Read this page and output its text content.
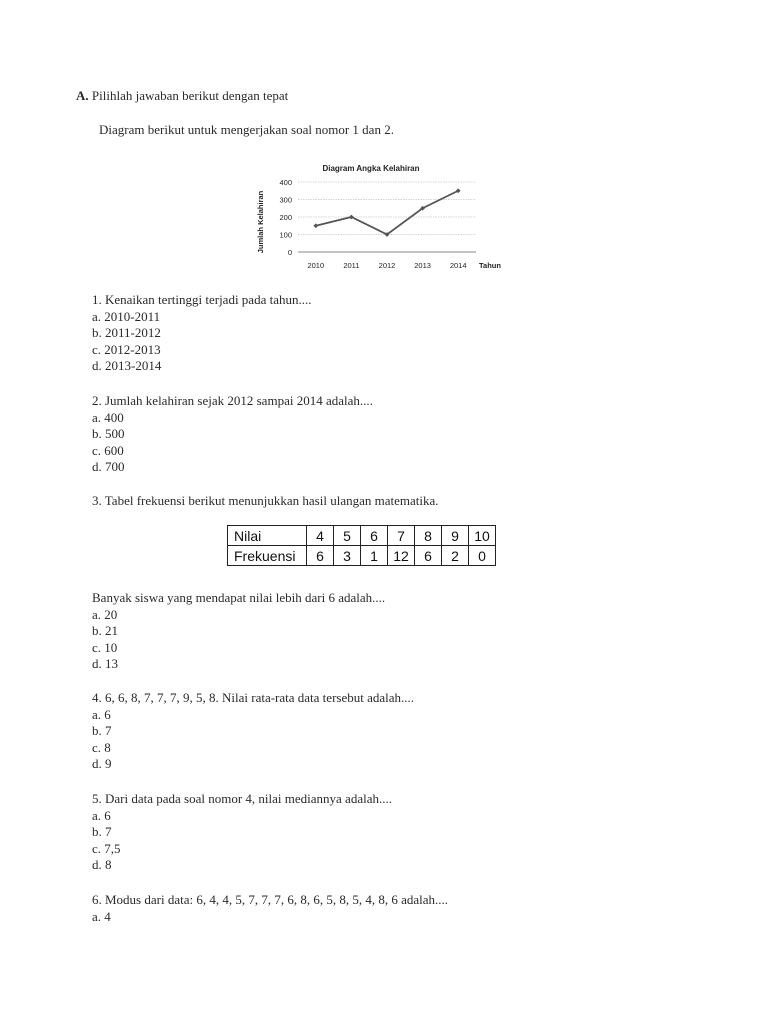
A. Pilihlah jawaban berikut dengan tepat
Diagram berikut untuk mengerjakan soal nomor 1 dan 2.
Diagram Angka Kelahiran
Jumlah Kelahiran
Tahun
0
100
200
300
400
2010	2011	2012	2013	2014
1. Kenaikan tertinggi terjadi pada tahun....
a. 2010-2011
b. 2011-2012
c. 2012-2013
d. 2013-2014
2. Jumlah kelahiran sejak 2012 sampai 2014 adalah....
a. 400
b. 500
c. 600
d. 700
3. Tabel frekuensi berikut menunjukkan hasil ulangan matematika.
Nilai	4	5	6	7	8	9	10
Frekuensi	6	3	1	12	6	2	0
Banyak siswa yang mendapat nilai lebih dari 6 adalah....
a. 20
b. 21
c. 10
d. 13
4. 6, 6, 8, 7, 7, 7, 9, 5, 8. Nilai rata-rata data tersebut adalah....
a. 6
b. 7
c. 8
d. 9
5. Dari data pada soal nomor 4, nilai mediannya adalah....
a. 6
b. 7
c. 7,5
d. 8
6. Modus dari data: 6, 4, 4, 5, 7, 7, 7, 6, 8, 6, 5, 8, 5, 4, 8, 6 adalah....
a. 4
